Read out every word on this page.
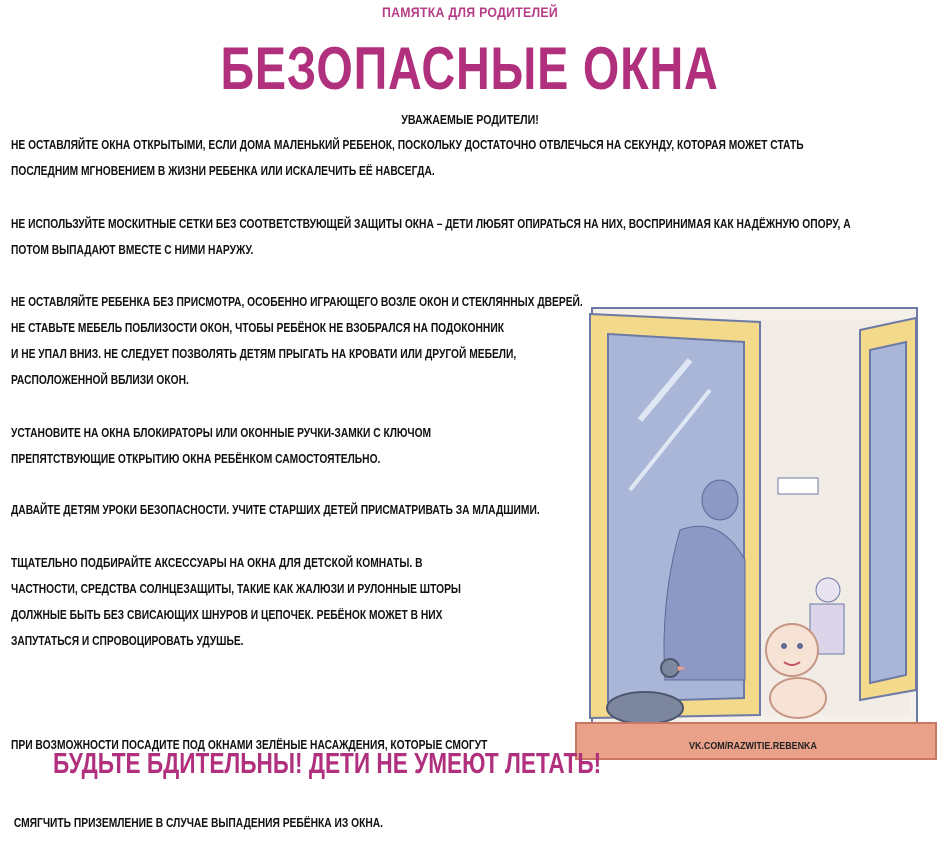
ПАМЯТКА ДЛЯ РОДИТЕЛЕЙ
БЕЗОПАСНЫЕ ОКНА
УВАЖАЕМЫЕ РОДИТЕЛИ!
НЕ ОСТАВЛЯЙТЕ ОКНА ОТКРЫТЫМИ, ЕСЛИ ДОМА МАЛЕНЬКИЙ РЕБЕНОК, ПОСКОЛЬКУ ДОСТАТОЧНО ОТВЛЕЧЬСЯ НА СЕКУНДУ, КОТОРАЯ МОЖЕТ СТАТЬ
ПОСЛЕДНИМ МГНОВЕНИЕМ В ЖИЗНИ РЕБЕНКА ИЛИ ИСКАЛЕЧИТЬ ЕЁ НАВСЕГДА.
НЕ ИСПОЛЬЗУЙТЕ МОСКИТНЫЕ СЕТКИ БЕЗ СООТВЕТСТВУЮЩЕЙ ЗАЩИТЫ ОКНА – ДЕТИ ЛЮБЯТ ОПИРАТЬСЯ НА НИХ, ВОСПРИНИМАЯ КАК НАДЁЖНУЮ ОПОРУ, А
ПОТОМ ВЫПАДАЮТ ВМЕСТЕ С НИМИ НАРУЖУ.
НЕ ОСТАВЛЯЙТЕ РЕБЕНКА БЕЗ ПРИСМОТРА, ОСОБЕННО ИГРАЮЩЕГО ВОЗЛЕ ОКОН И СТЕКЛЯННЫХ ДВЕРЕЙ.
НЕ СТАВЬТЕ МЕБЕЛЬ ПОБЛИЗОСТИ ОКОН, ЧТОБЫ РЕБЁНОК НЕ ВЗОБРАЛСЯ НА ПОДОКОННИК
И НЕ УПАЛ ВНИЗ. НЕ СЛЕДУЕТ ПОЗВОЛЯТЬ ДЕТЯМ ПРЫГАТЬ НА КРОВАТИ ИЛИ ДРУГОЙ МЕБЕЛИ,
РАСПОЛОЖЕННОЙ ВБЛИЗИ ОКОН.
УСТАНОВИТЕ НА ОКНА БЛОКИРАТОРЫ ИЛИ ОКОННЫЕ РУЧКИ-ЗАМКИ С КЛЮЧОМ
ПРЕПЯТСТВУЮЩИЕ ОТКРЫТИЮ ОКНА РЕБЁНКОМ САМОСТОЯТЕЛЬНО.
ДАВАЙТЕ ДЕТЯМ УРОКИ БЕЗОПАСНОСТИ. УЧИТЕ СТАРШИХ ДЕТЕЙ ПРИСМАТРИВАТЬ ЗА МЛАДШИМИ.
ТЩАТЕЛЬНО ПОДБИРАЙТЕ АКСЕССУАРЫ НА ОКНА ДЛЯ ДЕТСКОЙ КОМНАТЫ. В
ЧАСТНОСТИ, СРЕДСТВА СОЛНЦЕЗАЩИТЫ, ТАКИЕ КАК ЖАЛЮЗИ И РУЛОННЫЕ ШТОРЫ
ДОЛЖНЫЕ БЫТЬ БЕЗ СВИСАЮЩИХ ШНУРОВ И ЦЕПОЧЕК. РЕБЁНОК МОЖЕТ В НИХ
ЗАПУТАТЬСЯ И СПРОВОЦИРОВАТЬ УДУШЬЕ.

ПРИ ВОЗМОЖНОСТИ ПОСАДИТЕ ПОД ОКНАМИ ЗЕЛЁНЫЕ НАСАЖДЕНИЯ, КОТОРЫЕ СМОГУТ

СМЯГЧИТЬ ПРИЗЕМЛЕНИЕ В СЛУЧАЕ ВЫПАДЕНИЯ РЕБЁНКА ИЗ ОКНА.

VK.COM/RAZWITIE.REBENKA
БУДЬТЕ БДИТЕЛЬНЫ! ДЕТИ НЕ УМЕЮТ ЛЕТАТЬ!
